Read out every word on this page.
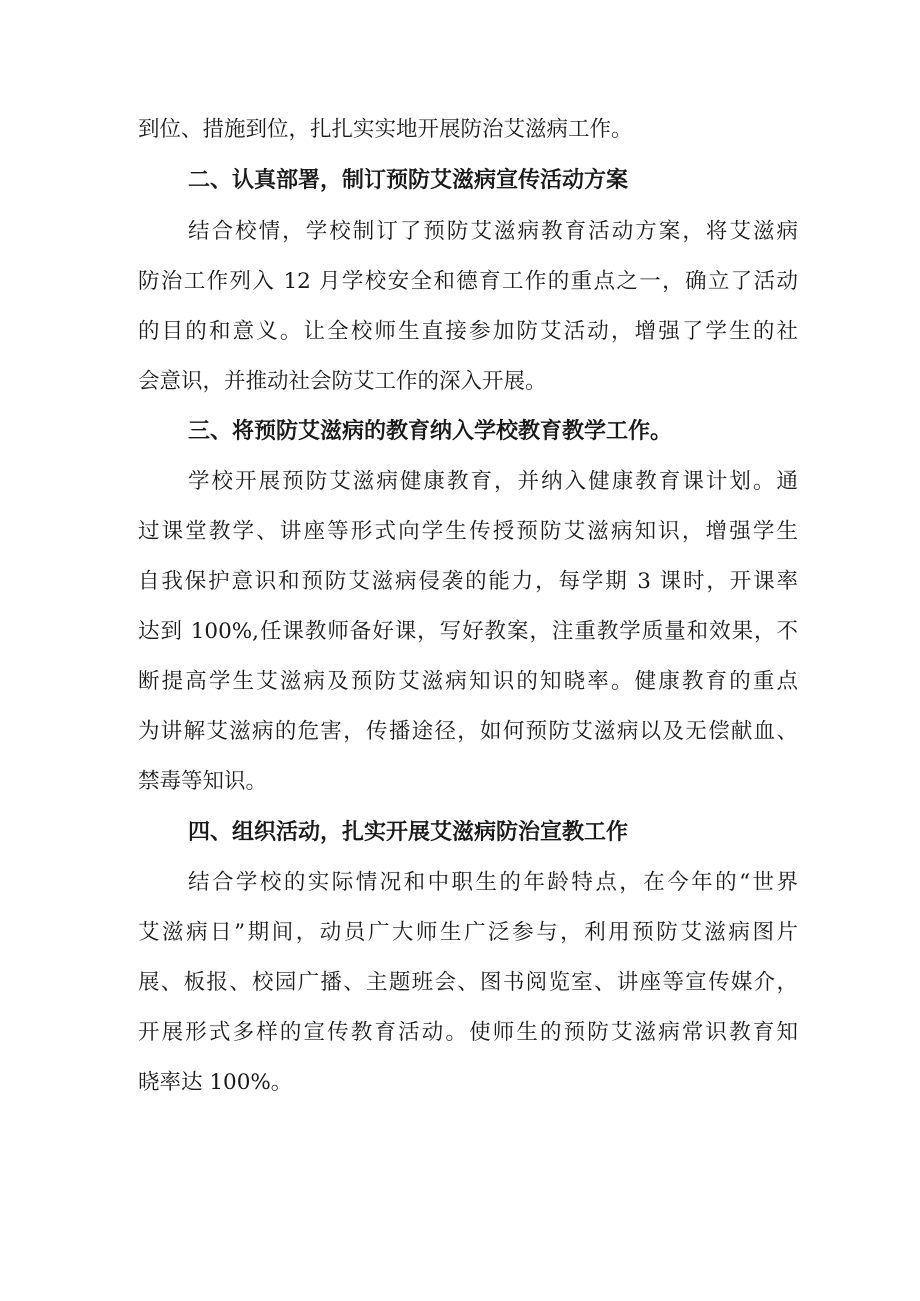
到位、措施到位，扎扎实实地开展防治艾滋病工作。
二、认真部署，制订预防艾滋病宣传活动方案
结合校情，学校制订了预防艾滋病教育活动方案，将艾滋病
防治工作列入 12 月学校安全和德育工作的重点之一，确立了活动
的目的和意义。让全校师生直接参加防艾活动，增强了学生的社
会意识，并推动社会防艾工作的深入开展。
三、将预防艾滋病的教育纳入学校教育教学工作。
学校开展预防艾滋病健康教育，并纳入健康教育课计划。通
过课堂教学、讲座等形式向学生传授预防艾滋病知识，增强学生
自我保护意识和预防艾滋病侵袭的能力，每学期 3 课时，开课率
达到 100%,任课教师备好课，写好教案，注重教学质量和效果，不
断提高学生艾滋病及预防艾滋病知识的知晓率。健康教育的重点
为讲解艾滋病的危害，传播途径，如何预防艾滋病以及无偿献血、
禁毒等知识。
四、组织活动，扎实开展艾滋病防治宣教工作
结合学校的实际情况和中职生的年龄特点，在今年的“世界
艾滋病日”期间，动员广大师生广泛参与，利用预防艾滋病图片
展、板报、校园广播、主题班会、图书阅览室、讲座等宣传媒介，
开展形式多样的宣传教育活动。使师生的预防艾滋病常识教育知
晓率达 100%。
